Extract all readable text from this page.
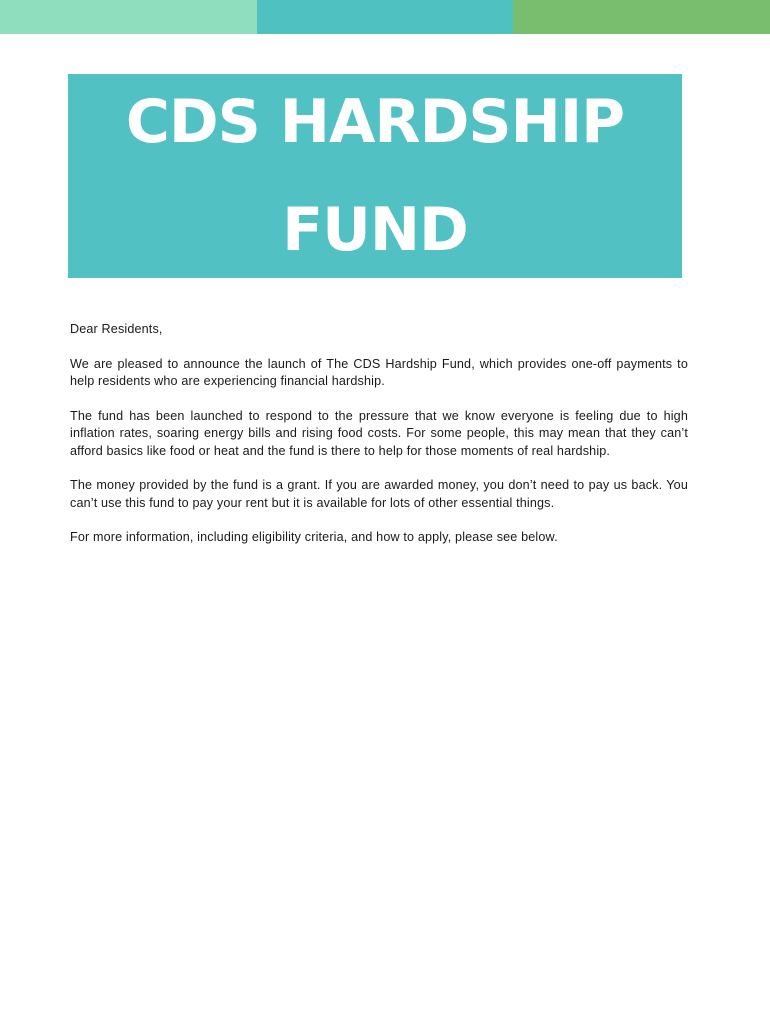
CDS HARDSHIP
FUND

Dear Residents,

We are pleased to announce the launch of The CDS Hardship Fund, which provides one-off payments to help residents who are experiencing financial hardship.

The fund has been launched to respond to the pressure that we know everyone is feeling due to high inflation rates, soaring energy bills and rising food costs. For some people, this may mean that they can’t afford basics like food or heat and the fund is there to help for those moments of real hardship.

The money provided by the fund is a grant. If you are awarded money, you don’t need to pay us back. You can’t use this fund to pay your rent but it is available for lots of other essential things.

For more information, including eligibility criteria, and how to apply, please see below.
